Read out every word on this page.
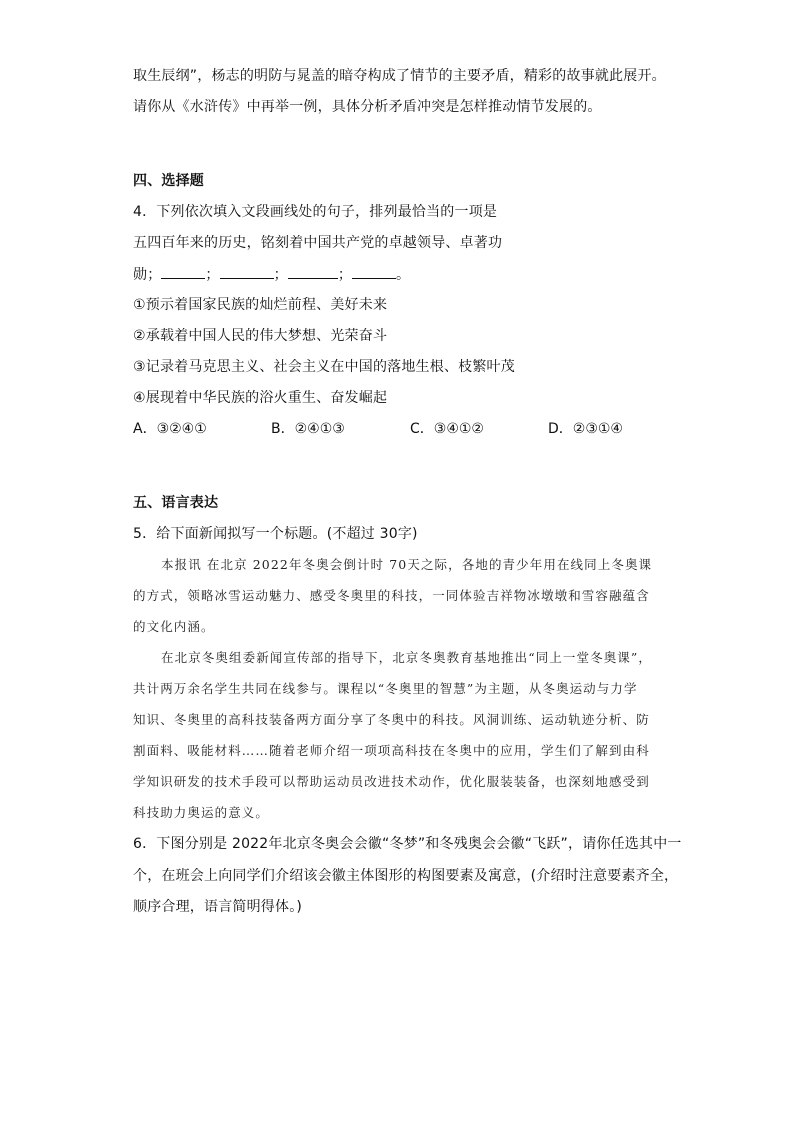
取生辰纲”，杨志的明防与晁盖的暗夺构成了情节的主要矛盾，精彩的故事就此展开。
请你从《水浒传》中再举一例，具体分析矛盾冲突是怎样推动情节发展的。
四、选择题
4．下列依次填入文段画线处的句子，排列最恰当的一项是
五四百年来的历史，铭刻着中国共产党的卓越领导、卓著功
勋；	；	；	；	。
①预示着国家民族的灿烂前程、美好未来
②承载着中国人民的伟大梦想、光荣奋斗
③记录着马克思主义、社会主义在中国的落地生根、枝繁叶茂
④展现着中华民族的浴火重生、奋发崛起
A．③②④①	B．②④①③	C．③④①②	D．②③①④
五、语言表达
5．给下面新闻拟写一个标题。(不超过 30字)
本报讯 在北京 2022年冬奥会倒计时 70天之际，各地的青少年用在线同上冬奥课
的方式，领略冰雪运动魅力、感受冬奥里的科技，一同体验吉祥物冰墩墩和雪容融蕴含
的文化内涵。
在北京冬奥组委新闻宣传部的指导下，北京冬奥教育基地推出“同上一堂冬奥课”，
共计两万余名学生共同在线参与。课程以“冬奥里的智慧”为主题，从冬奥运动与力学
知识、冬奥里的高科技装备两方面分享了冬奥中的科技。风洞训练、运动轨迹分析、防
割面料、吸能材料……随着老师介绍一项项高科技在冬奥中的应用，学生们了解到由科
学知识研发的技术手段可以帮助运动员改进技术动作，优化服装装备，也深刻地感受到
科技助力奥运的意义。
6．下图分别是 2022年北京冬奥会会徽“冬梦”和冬残奥会会徽“飞跃”，请你任选其中一
个，在班会上向同学们介绍该会徽主体图形的构图要素及寓意，(介绍时注意要素齐全，
顺序合理，语言简明得体。)
